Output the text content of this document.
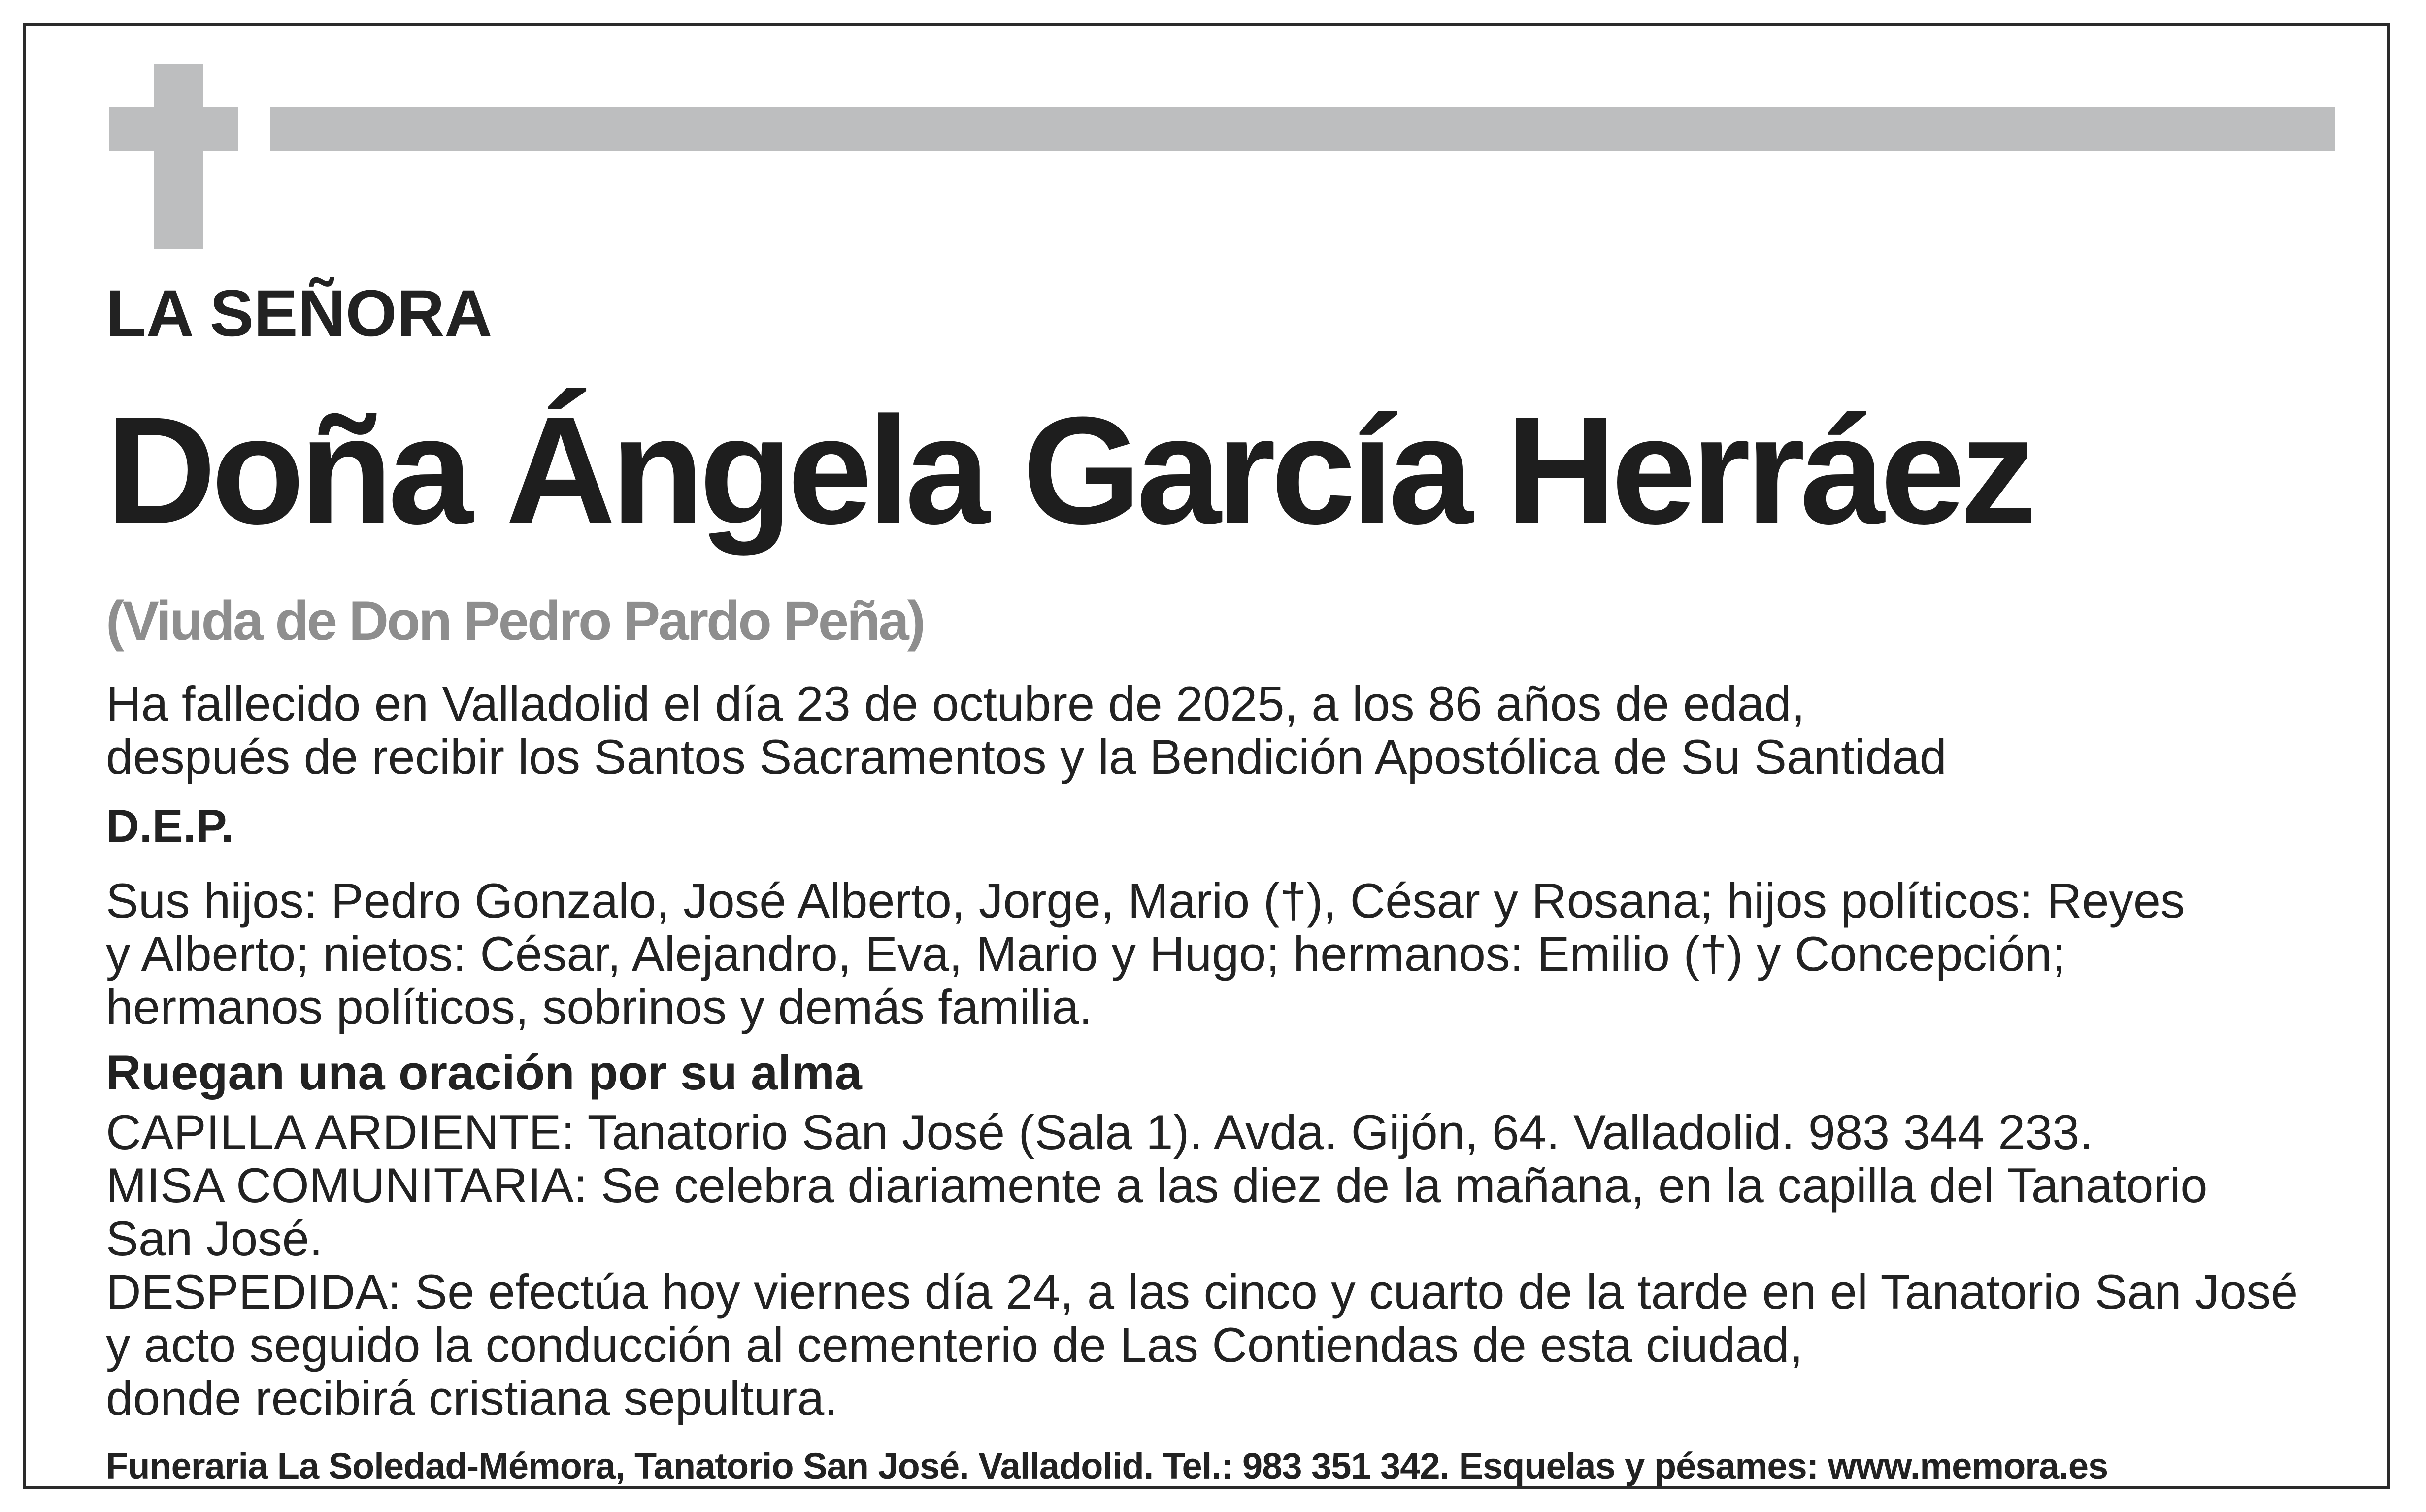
LA SEÑORA
Doña Ángela García Herráez
(Viuda de Don Pedro Pardo Peña)
Ha fallecido en Valladolid el día 23 de octubre de 2025, a los 86 años de edad,
después de recibir los Santos Sacramentos y la Bendición Apostólica de Su Santidad
D.E.P.
Sus hijos: Pedro Gonzalo, José Alberto, Jorge, Mario (†), César y Rosana; hijos políticos: Reyes
y Alberto; nietos: César, Alejandro, Eva, Mario y Hugo; hermanos: Emilio (†) y Concepción;
hermanos políticos, sobrinos y demás familia.
Ruegan una oración por su alma
CAPILLA ARDIENTE: Tanatorio San José (Sala 1). Avda. Gijón, 64. Valladolid. 983 344 233.
MISA COMUNITARIA: Se celebra diariamente a las diez de la mañana, en la capilla del Tanatorio
San José.
DESPEDIDA: Se efectúa hoy viernes día 24, a las cinco y cuarto de la tarde en el Tanatorio San José
y acto seguido la conducción al cementerio de Las Contiendas de esta ciudad,
donde recibirá cristiana sepultura.
Funeraria La Soledad-Mémora, Tanatorio San José. Valladolid. Tel.: 983 351 342. Esquelas y pésames: www.memora.es
